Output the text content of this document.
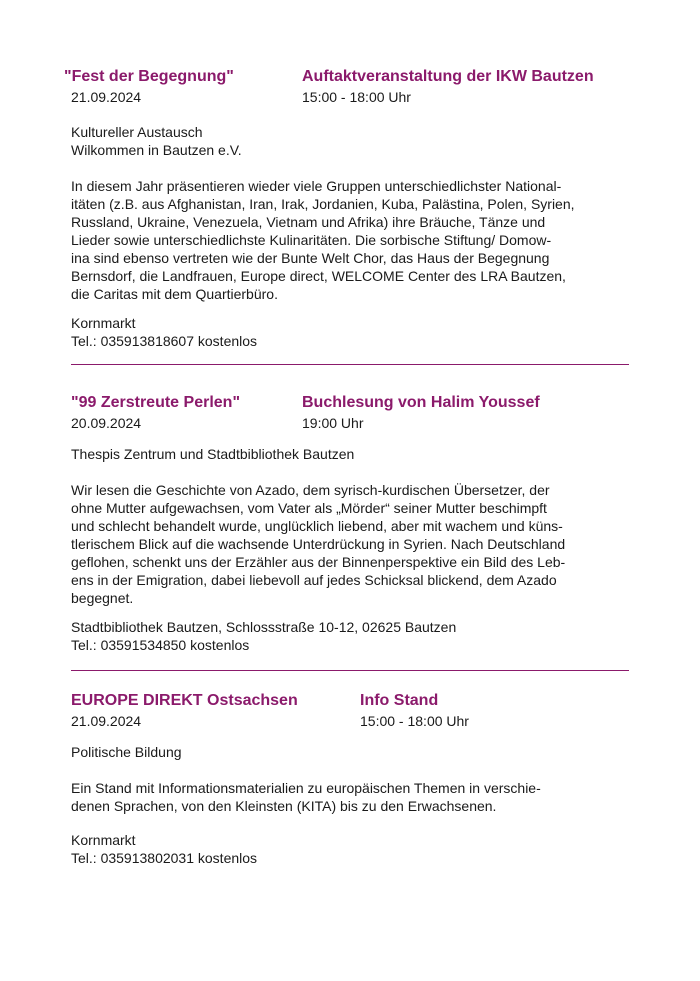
"Fest der Begegnung"
21.09.2024
Auftaktveranstaltung der IKW Bautzen
15:00 - 18:00 Uhr

Kultureller Austausch

Wilkommen in Bautzen e.V.

In diesem Jahr präsentieren wieder viele Gruppen unterschiedlichster National-

itäten (z.B. aus Afghanistan, Iran, Irak, Jordanien, Kuba, Palästina, Polen, Syrien,

Russland, Ukraine, Venezuela, Vietnam und Afrika) ihre Bräuche, Tänze und

Lieder sowie unterschiedlichste Kulinaritäten. Die sorbische Stiftung/ Domow-

ina sind ebenso vertreten wie der Bunte Welt Chor, das Haus der Begegnung

Bernsdorf, die Landfrauen, Europe direct, WELCOME Center des LRA Bautzen,

die Caritas mit dem Quartierbüro.

Kornmarkt

Tel.: 035913818607 kostenlos

"99 Zerstreute Perlen"
20.09.2024
Buchlesung von Halim Youssef
19:00 Uhr

Thespis Zentrum und Stadtbibliothek Bautzen

Wir lesen die Geschichte von Azado, dem syrisch-kurdischen Übersetzer, der

ohne Mutter aufgewachsen, vom Vater als „Mörder“ seiner Mutter beschimpft

und schlecht behandelt wurde, unglücklich liebend, aber mit wachem und küns-

tlerischem Blick auf die wachsende Unterdrückung in Syrien. Nach Deutschland

geflohen, schenkt uns der Erzähler aus der Binnenperspektive ein Bild des Leb-

ens in der Emigration, dabei liebevoll auf jedes Schicksal blickend, dem Azado

begegnet.

Stadtbibliothek Bautzen, Schlossstraße 10-12, 02625 Bautzen

Tel.: 03591534850 kostenlos

EUROPE DIREKT Ostsachsen
21.09.2024
Info Stand
15:00 - 18:00 Uhr

Politische Bildung

Ein Stand mit Informationsmaterialien zu europäischen Themen in verschie-

denen Sprachen, von den Kleinsten (KITA) bis zu den Erwachsenen.

Kornmarkt

Tel.: 035913802031 kostenlos
